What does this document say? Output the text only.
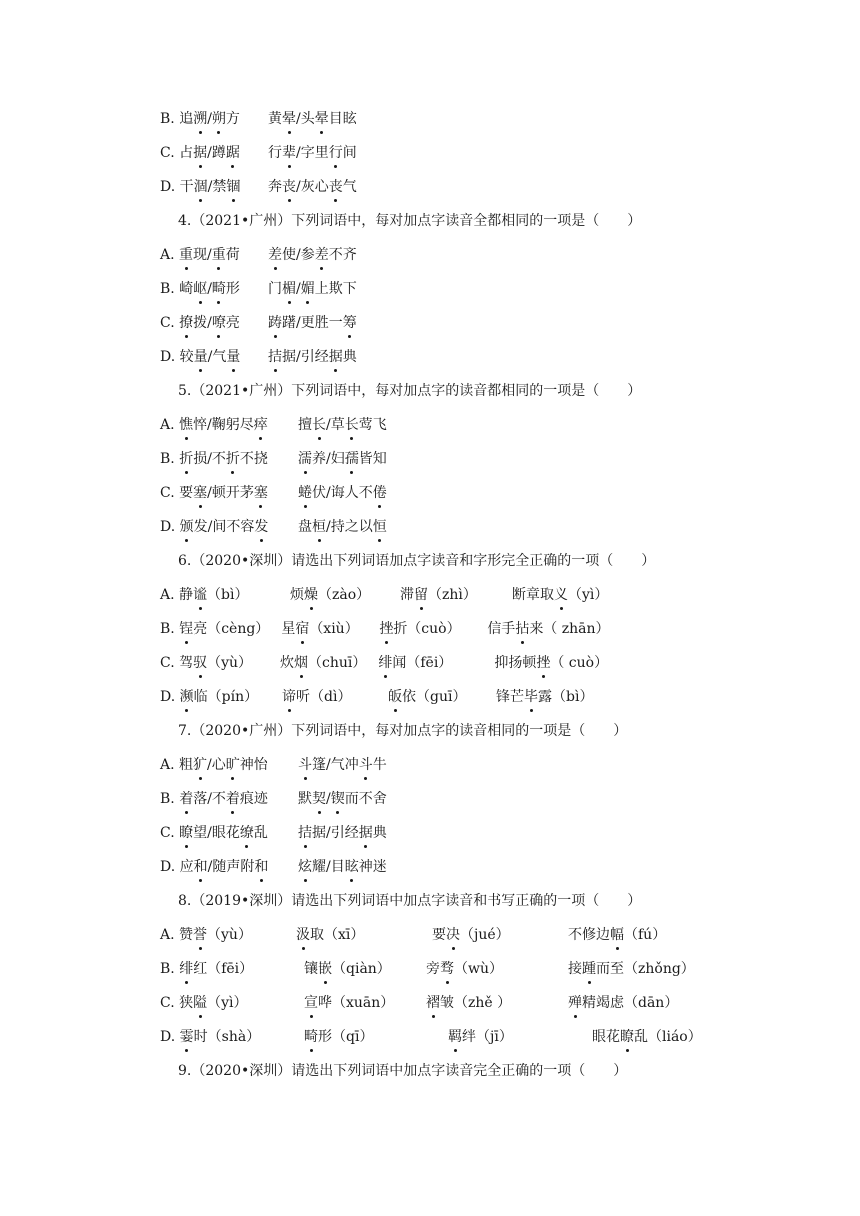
B. 追溯/朔方 黄晕/头晕目眩
C. 占据/蹲踞 行辈/字里行间
D. 干涸/禁锢 奔丧/灰心丧气
4.（2021•广州）下列词语中，每对加点字读音全都相同的一项是（　　）
A. 重现/重荷 差使/参差不齐
B. 崎岖/畸形 门楣/媚上欺下
C. 撩拨/嘹亮 踌躇/更胜一筹
D. 较量/气量 拮据/引经据典
5.（2021•广州）下列词语中，每对加点字的读音都相同的一项是（　　）
A. 憔悴/鞠躬尽瘁 擅长/草长莺飞
B. 折损/不折不挠 濡养/妇孺皆知
C. 要塞/顿开茅塞 蜷伏/诲人不倦
D. 颁发/间不容发 盘桓/持之以恒
6.（2020•深圳）请选出下列词语加点字读音和字形完全正确的一项（　　）
A. 静谧（bì）	烦燥（zào） 滞留（zhì）	断章取义（yì）
B. 锃亮（cèng） 星宿（xiù） 挫折（cuò） 信手拈来（ zhān）
C. 驾驭（yù） 炊烟（chuī） 绯闻（fēi）	抑扬顿挫（ cuò）
D. 濒临（pín） 谛听（dì）	皈依（guī） 锋芒毕露（bì）
7.（2020•广州）下列词语中，每对加点字的读音相同的一项是（　　）
A. 粗犷/心旷神怡 斗篷/气冲斗牛
B. 着落/不着痕迹 默契/锲而不舍
C. 瞭望/眼花缭乱 拮据/引经据典
D. 应和/随声附和 炫耀/目眩神迷
8.（2019•深圳）请选出下列词语中加点字读音和书写正确的一项（　　）
A. 赞誉（yù）	汲取（xī）	要决（jué）	不修边幅（fú）
B. 绯红（fēi）	镶嵌（qiàn）	旁骛（wù）	接踵而至（zhǒng）
C. 狭隘（yì）	宣哗（xuān） 褶皱（zhě ）	殚精竭虑（dān）
D. 霎时（shà）	畸形（qī）	羁绊（jī）	眼花瞭乱（liáo）
9.（2020•深圳）请选出下列词语中加点字读音完全正确的一项（　　）
